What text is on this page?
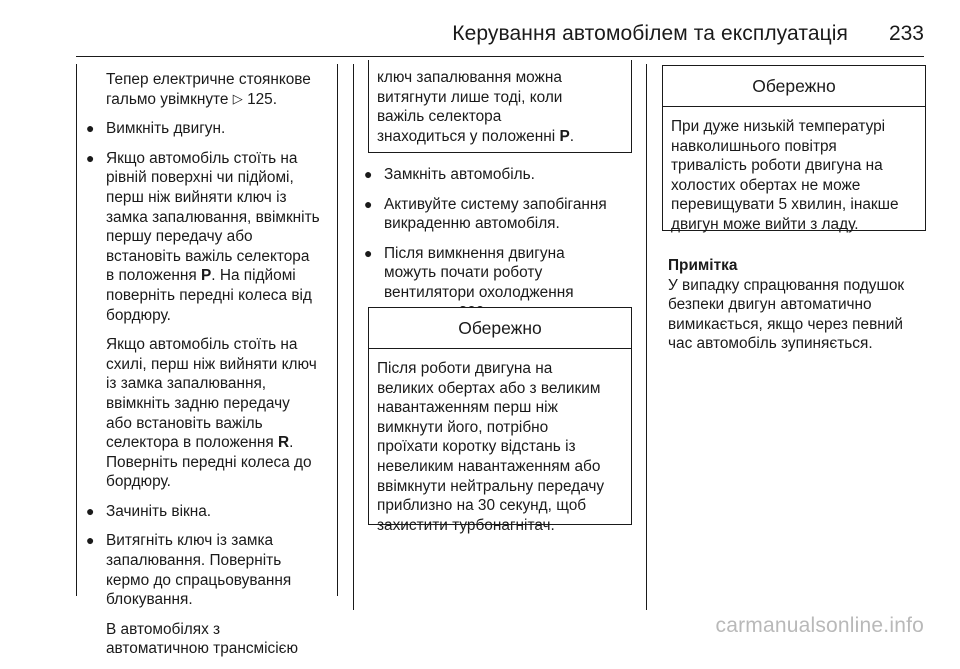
Керування автомобілем та експлуатація 233
Тепер електричне стоянкове
гальмо увімкнуте ▷ 125.
● Вимкніть двигун.

● Якщо автомобіль стоїть на
рівній поверхні чи підйомі,
перш ніж вийняти ключ із
замка запалювання, ввімкніть
першу передачу або
встановіть важіль селектора
в положення P. На підйомі
поверніть передні колеса від
бордюру.

Якщо автомобіль стоїть на
схилі, перш ніж вийняти ключ
із замка запалювання,
ввімкніть задню передачу
або встановіть важіль
селектора в положення R.
Поверніть передні колеса до
бордюру.

● Зачиніть вікна.

● Витягніть ключ із замка
запалювання. Поверніть
кермо до спрацьовування
блокування.

В автомобілях з
автоматичною трансмісією

ключ запалювання можна
витягнути лише тоді, коли
важіль селектора
знаходиться у положенні P.
● Замкніть автомобіль.

● Активуйте систему запобігання
викраденню автомобіля.

● Після вимкнення двигуна
можуть почати роботу
вентилятори охолодження

Обережно
Після роботи двигуна на
великих обертах або з великим
навантаженням перш ніж
вимкнути його, потрібно
проїхати коротку відстань із
невеликим навантаженням або
ввімкнути нейтральну передачу
приблизно на 30 секунд, щоб
захистити турбонагнітач.
Обережно
При дуже низькій температурі
навколишнього повітря
тривалість роботи двигуна на
холостих обертах не може
перевищувати 5 хвилин, інакше
двигун може вийти з ладу.
Примітка

У випадку спрацювання подушок
безпеки двигун автоматично
вимикається, якщо через певний
час автомобіль зупиняється.

carmanualsonline.info
